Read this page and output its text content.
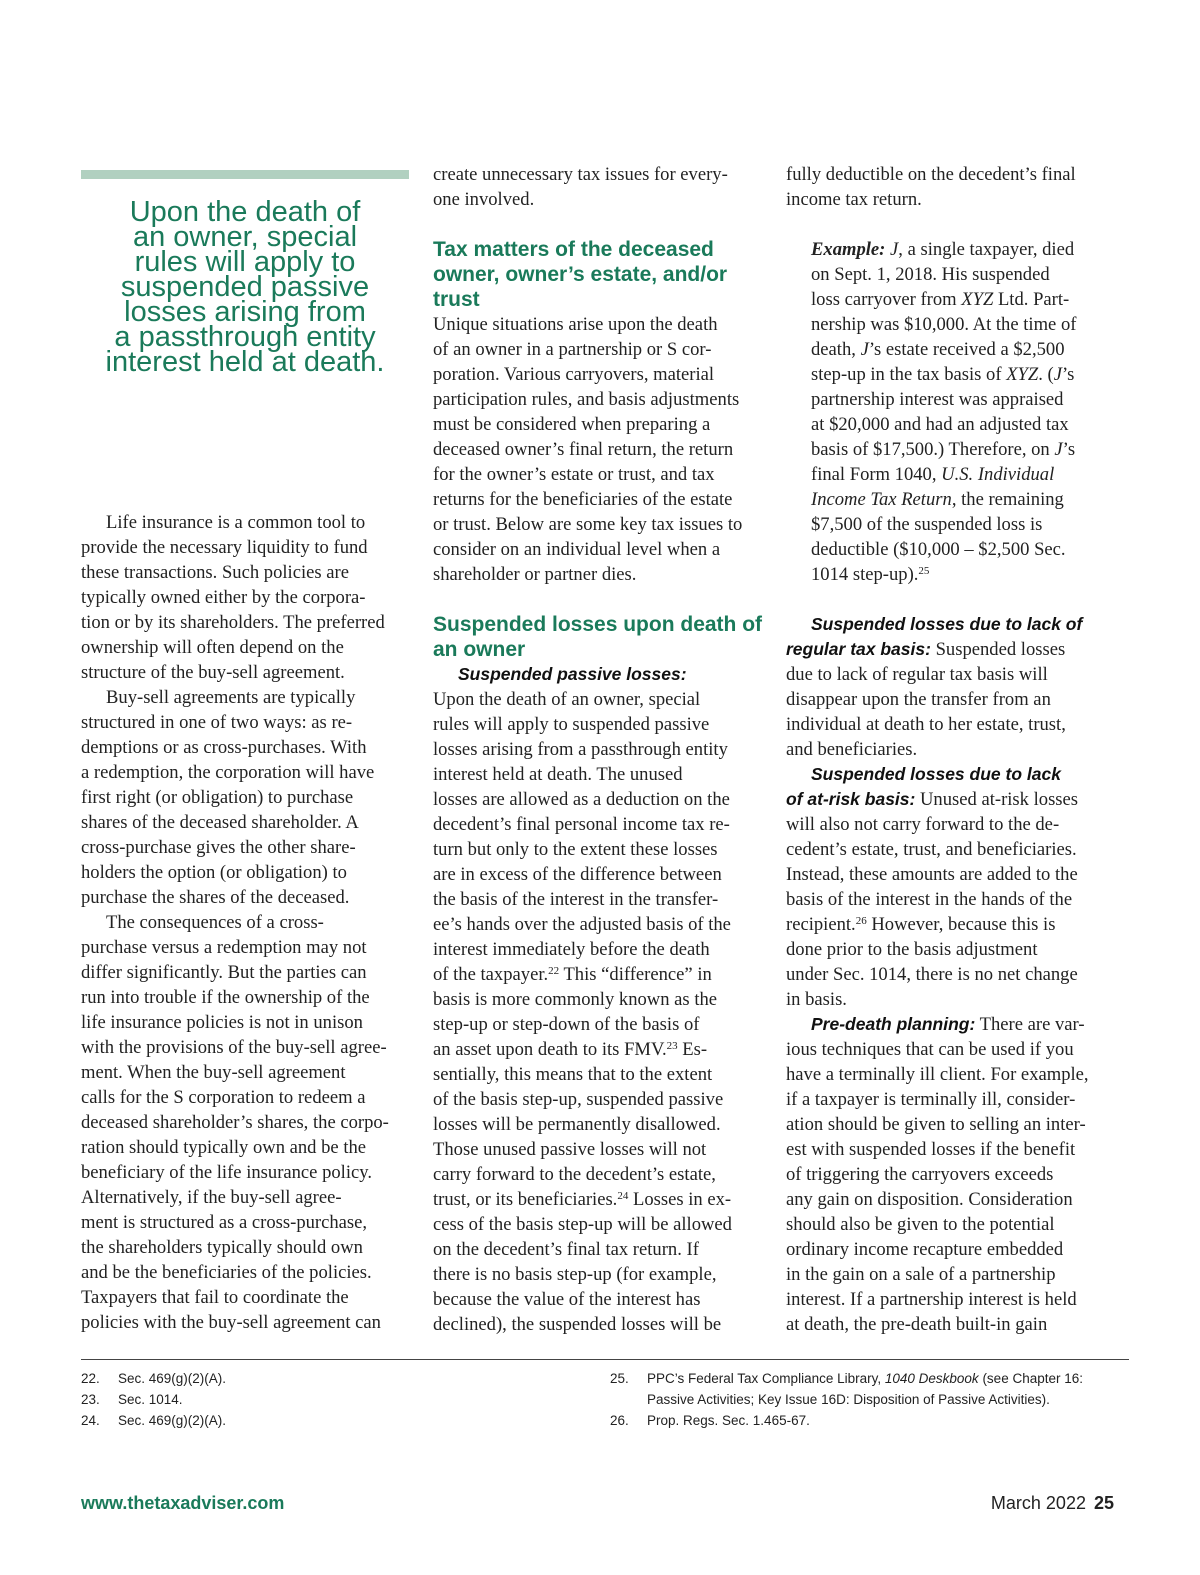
Upon the death of
an owner, special
rules will apply to
suspended passive
losses arising from
a passthrough entity
interest held at death.
Life insurance is a common tool to
provide the necessary liquidity to fund
these transactions. Such policies are
typically owned either by the corpora-
tion or by its shareholders. The preferred
ownership will often depend on the
structure of the buy-sell agreement.
Buy-sell agreements are typically
structured in one of two ways: as re-
demptions or as cross-purchases. With
a redemption, the corporation will have
first right (or obligation) to purchase
shares of the deceased shareholder. A
cross-purchase gives the other share-
holders the option (or obligation) to
purchase the shares of the deceased.
The consequences of a cross-
purchase versus a redemption may not
differ significantly. But the parties can
run into trouble if the ownership of the
life insurance policies is not in unison
with the provisions of the buy-sell agree-
ment. When the buy-sell agreement
calls for the S corporation to redeem a
deceased shareholder’s shares, the corpo-
ration should typically own and be the
beneficiary of the life insurance policy.
Alternatively, if the buy-sell agree-
ment is structured as a cross-purchase,
the shareholders typically should own
and be the beneficiaries of the policies.
Taxpayers that fail to coordinate the
policies with the buy-sell agreement can
create unnecessary tax issues for every-
one involved.
Tax matters of the deceased
owner, owner’s estate, and/or
trust
Unique situations arise upon the death
of an owner in a partnership or S cor-
poration. Various carryovers, material
participation rules, and basis adjustments
must be considered when preparing a
deceased owner’s final return, the return
for the owner’s estate or trust, and tax
returns for the beneficiaries of the estate
or trust. Below are some key tax issues to
consider on an individual level when a
shareholder or partner dies.
Suspended losses upon death of
an owner
Suspended passive losses:
Upon the death of an owner, special
rules will apply to suspended passive
losses arising from a passthrough entity
interest held at death. The unused
losses are allowed as a deduction on the
decedent’s final personal income tax re-
turn but only to the extent these losses
are in excess of the difference between
the basis of the interest in the transfer-
ee’s hands over the adjusted basis of the
interest immediately before the death
of the taxpayer.$^{22}$ This “difference” in
basis is more commonly known as the
step-up or step-down of the basis of
an asset upon death to its FMV.$^{23}$ Es-
sentially, this means that to the extent
of the basis step-up, suspended passive
losses will be permanently disallowed.
Those unused passive losses will not
carry forward to the decedent’s estate,
trust, or its beneficiaries.$^{24}$ Losses in ex-
cess of the basis step-up will be allowed
on the decedent’s final tax return. If
there is no basis step-up (for example,
because the value of the interest has
declined), the suspended losses will be
fully deductible on the decedent’s final
income tax return.
Example: J, a single taxpayer, died
on Sept. 1, 2018. His suspended
loss carryover from XYZ Ltd. Part-
nership was $10,000. At the time of
death, J’s estate received a $2,500
step-up in the tax basis of XYZ. (J’s
partnership interest was appraised
at $20,000 and had an adjusted tax
basis of $17,500.) Therefore, on J’s
final Form 1040, U.S. Individual
Income Tax Return, the remaining
$7,500 of the suspended loss is
deductible ($10,000 – $2,500 Sec.
1014 step-up).$^{25}$
Suspended losses due to lack of
regular tax basis: Suspended losses
due to lack of regular tax basis will
disappear upon the transfer from an
individual at death to her estate, trust,
and beneficiaries.
Suspended losses due to lack
of at-risk basis: Unused at-risk losses
will also not carry forward to the de-
cedent’s estate, trust, and beneficiaries.
Instead, these amounts are added to the
basis of the interest in the hands of the
recipient.$^{26}$ However, because this is
done prior to the basis adjustment
under Sec. 1014, there is no net change
in basis.
Pre-death planning: There are var-
ious techniques that can be used if you
have a terminally ill client. For example,
if a taxpayer is terminally ill, consider-
ation should be given to selling an inter-
est with suspended losses if the benefit
of triggering the carryovers exceeds
any gain on disposition. Consideration
should also be given to the potential
ordinary income recapture embedded
in the gain on a sale of a partnership
interest. If a partnership interest is held
at death, the pre-death built-in gain
22. Sec. 469(g)(2)(A).
23. Sec. 1014.
24. Sec. 469(g)(2)(A).
25. PPC’s Federal Tax Compliance Library, 1040 Deskbook (see Chapter 16:
Passive Activities; Key Issue 16D: Disposition of Passive Activities).
26. Prop. Regs. Sec. 1.465-67.
www.thetaxadviser.com	March 2022 25
